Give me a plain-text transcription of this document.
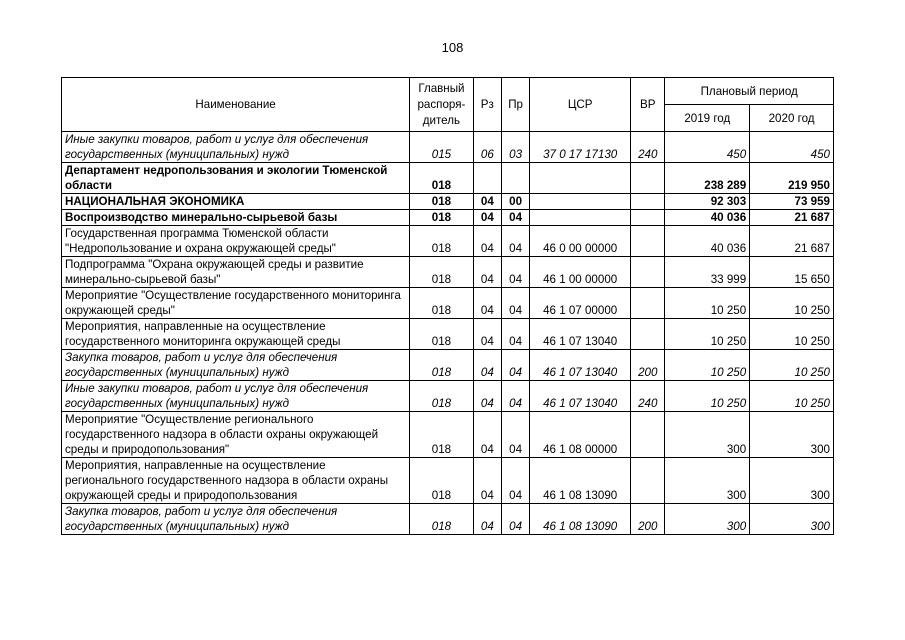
108
Наименование	Главный распоря-дитель	Рз	Пр	ЦСР	ВР	Плановый период	
						2019 год	2020 год
Иные закупки товаров, работ и услуг для обеспечения государственных (муниципальных) нужд	015	06	03	37 0 17 17130	240	450	450
Департамент недропользования и экологии Тюменской области	018					238 289	219 950
НАЦИОНАЛЬНАЯ ЭКОНОМИКА	018	04	00			92 303	73 959
Воспроизводство минерально-сырьевой базы	018	04	04			40 036	21 687
Государственная программа Тюменской области "Недропользование и охрана окружающей среды"	018	04	04	46 0 00 00000		40 036	21 687
Подпрограмма "Охрана окружающей среды и развитие минерально-сырьевой базы"	018	04	04	46 1 00 00000		33 999	15 650
Мероприятие "Осуществление государственного мониторинга окружающей среды"	018	04	04	46 1 07 00000		10 250	10 250
Мероприятия, направленные на осуществление государственного мониторинга окружающей среды	018	04	04	46 1 07 13040		10 250	10 250
Закупка товаров, работ и услуг для обеспечения государственных (муниципальных) нужд	018	04	04	46 1 07 13040	200	10 250	10 250
Иные закупки товаров, работ и услуг для обеспечения государственных (муниципальных) нужд	018	04	04	46 1 07 13040	240	10 250	10 250
Мероприятие "Осуществление регионального государственного надзора в области охраны окружающей среды и природопользования"	018	04	04	46 1 08 00000		300	300
Мероприятия, направленные на осуществление регионального государственного надзора в области охраны окружающей среды и природопользования	018	04	04	46 1 08 13090		300	300
Закупка товаров, работ и услуг для обеспечения государственных (муниципальных) нужд	018	04	04	46 1 08 13090	200	300	300
